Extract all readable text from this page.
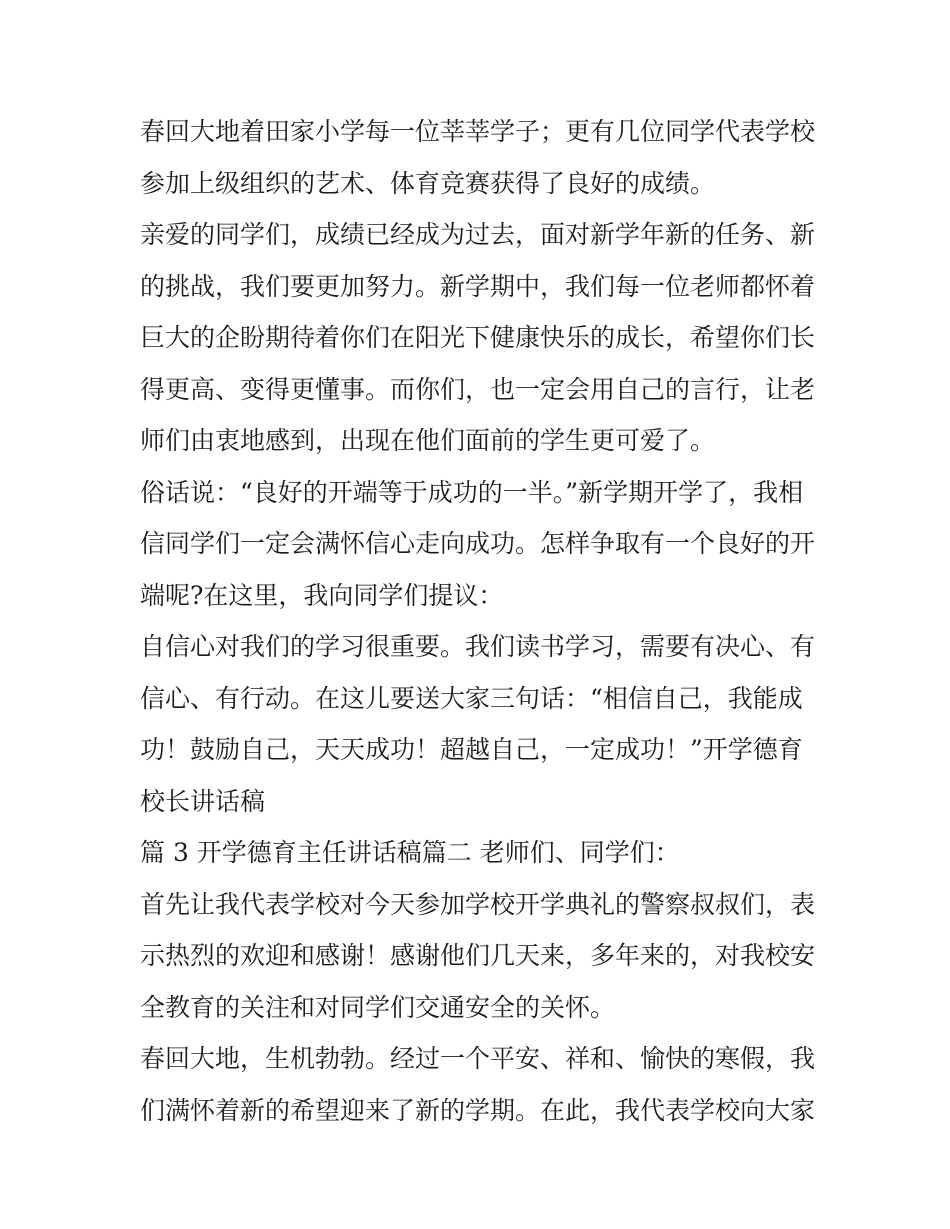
春回大地着田家小学每一位莘莘学子；更有几位同学代表学校
参加上级组织的艺术、体育竞赛获得了良好的成绩。
亲爱的同学们，成绩已经成为过去，面对新学年新的任务、新
的挑战，我们要更加努力。新学期中，我们每一位老师都怀着
巨大的企盼期待着你们在阳光下健康快乐的成长，希望你们长
得更高、变得更懂事。而你们，也一定会用自己的言行，让老
师们由衷地感到，出现在他们面前的学生更可爱了。
俗话说：“良好的开端等于成功的一半。”新学期开学了，我相
信同学们一定会满怀信心走向成功。怎样争取有一个良好的开
端呢?在这里，我向同学们提议：
自信心对我们的学习很重要。我们读书学习，需要有决心、有
信心、有行动。在这儿要送大家三句话：“相信自己，我能成
功！鼓励自己，天天成功！超越自己，一定成功！”开学德育
校长讲话稿
篇 3 开学德育主任讲话稿篇二 老师们、同学们：
首先让我代表学校对今天参加学校开学典礼的警察叔叔们，表
示热烈的欢迎和感谢！感谢他们几天来，多年来的，对我校安
全教育的关注和对同学们交通安全的关怀。
春回大地，生机勃勃。经过一个平安、祥和、愉快的寒假，我
们满怀着新的希望迎来了新的学期。在此，我代表学校向大家
